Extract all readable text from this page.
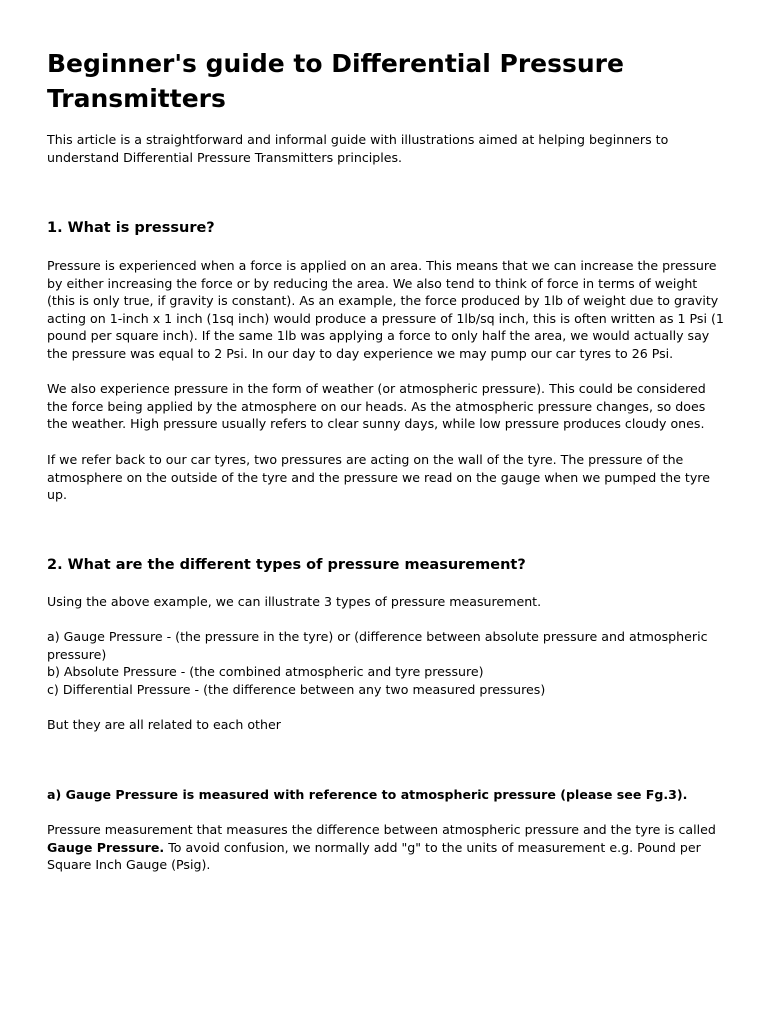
Beginner's guide to Differential Pressure
Transmitters

This article is a straightforward and informal guide with illustrations aimed at helping beginners to
understand Differential Pressure Transmitters principles.

1. What is pressure?

Pressure is experienced when a force is applied on an area. This means that we can increase the pressure
by either increasing the force or by reducing the area. We also tend to think of force in terms of weight
(this is only true, if gravity is constant). As an example, the force produced by 1lb of weight due to gravity
acting on 1-inch x 1 inch (1sq inch) would produce a pressure of 1lb/sq inch, this is often written as 1 Psi (1
pound per square inch). If the same 1lb was applying a force to only half the area, we would actually say
the pressure was equal to 2 Psi. In our day to day experience we may pump our car tyres to 26 Psi.

We also experience pressure in the form of weather (or atmospheric pressure). This could be considered
the force being applied by the atmosphere on our heads. As the atmospheric pressure changes, so does
the weather. High pressure usually refers to clear sunny days, while low pressure produces cloudy ones.

If we refer back to our car tyres, two pressures are acting on the wall of the tyre. The pressure of the
atmosphere on the outside of the tyre and the pressure we read on the gauge when we pumped the tyre
up.

2. What are the different types of pressure measurement?

Using the above example, we can illustrate 3 types of pressure measurement.

a) Gauge Pressure - (the pressure in the tyre) or (difference between absolute pressure and atmospheric
pressure)
b) Absolute Pressure - (the combined atmospheric and tyre pressure)
c) Differential Pressure - (the difference between any two measured pressures)

But they are all related to each other

a) Gauge Pressure is measured with reference to atmospheric pressure (please see Fg.3).

Pressure measurement that measures the difference between atmospheric pressure and the tyre is called
Gauge Pressure. To avoid confusion, we normally add "g" to the units of measurement e.g. Pound per
Square Inch Gauge (Psig).
